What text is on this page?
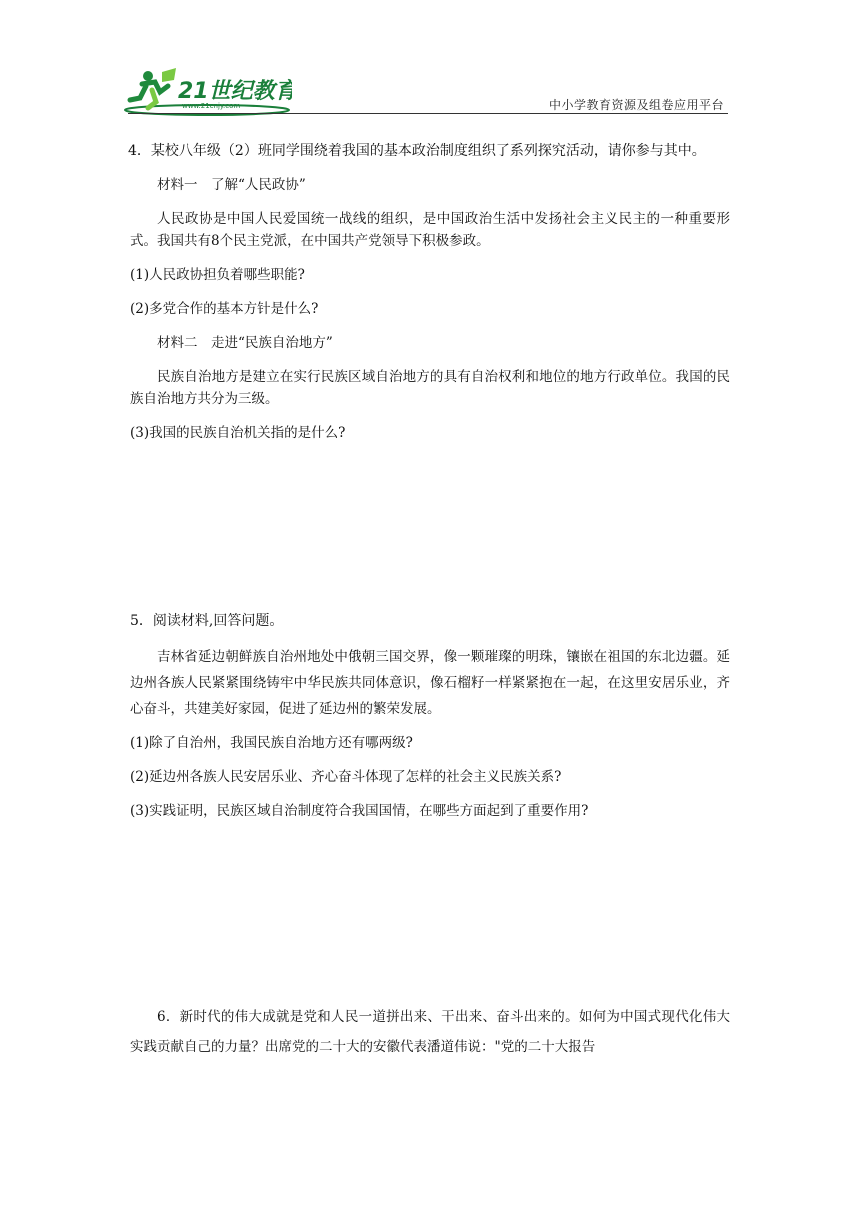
21世纪教育
www.21cnjy.com	中小学教育资源及组卷应用平台

4．某校八年级（2）班同学围绕着我国的基本政治制度组织了系列探究活动，请你参与其中。

材料一　了解“人民政协”

人民政协是中国人民爱国统一战线的组织，是中国政治生活中发扬社会主义民主的一种重要形式。我国共有8个民主党派，在中国共产党领导下积极参政。

(1)人民政协担负着哪些职能?

(2)多党合作的基本方针是什么?

材料二　走进“民族自治地方”

民族自治地方是建立在实行民族区域自治地方的具有自治权利和地位的地方行政单位。我国的民族自治地方共分为三级。

(3)我国的民族自治机关指的是什么?

5．阅读材料,回答问题。

吉林省延边朝鲜族自治州地处中俄朝三国交界，像一颗璀璨的明珠，镶嵌在祖国的东北边疆。延边州各族人民紧紧围绕铸牢中华民族共同体意识，像石榴籽一样紧紧抱在一起，在这里安居乐业，齐心奋斗，共建美好家园，促进了延边州的繁荣发展。

(1)除了自治州，我国民族自治地方还有哪两级?

(2)延边州各族人民安居乐业、齐心奋斗体现了怎样的社会主义民族关系?

(3)实践证明，民族区域自治制度符合我国国情，在哪些方面起到了重要作用?

6．新时代的伟大成就是党和人民一道拼出来、干出来、奋斗出来的。如何为中国式现代化伟大实践贡献自己的力量？出席党的二十大的安徽代表潘道伟说："党的二十大报告
